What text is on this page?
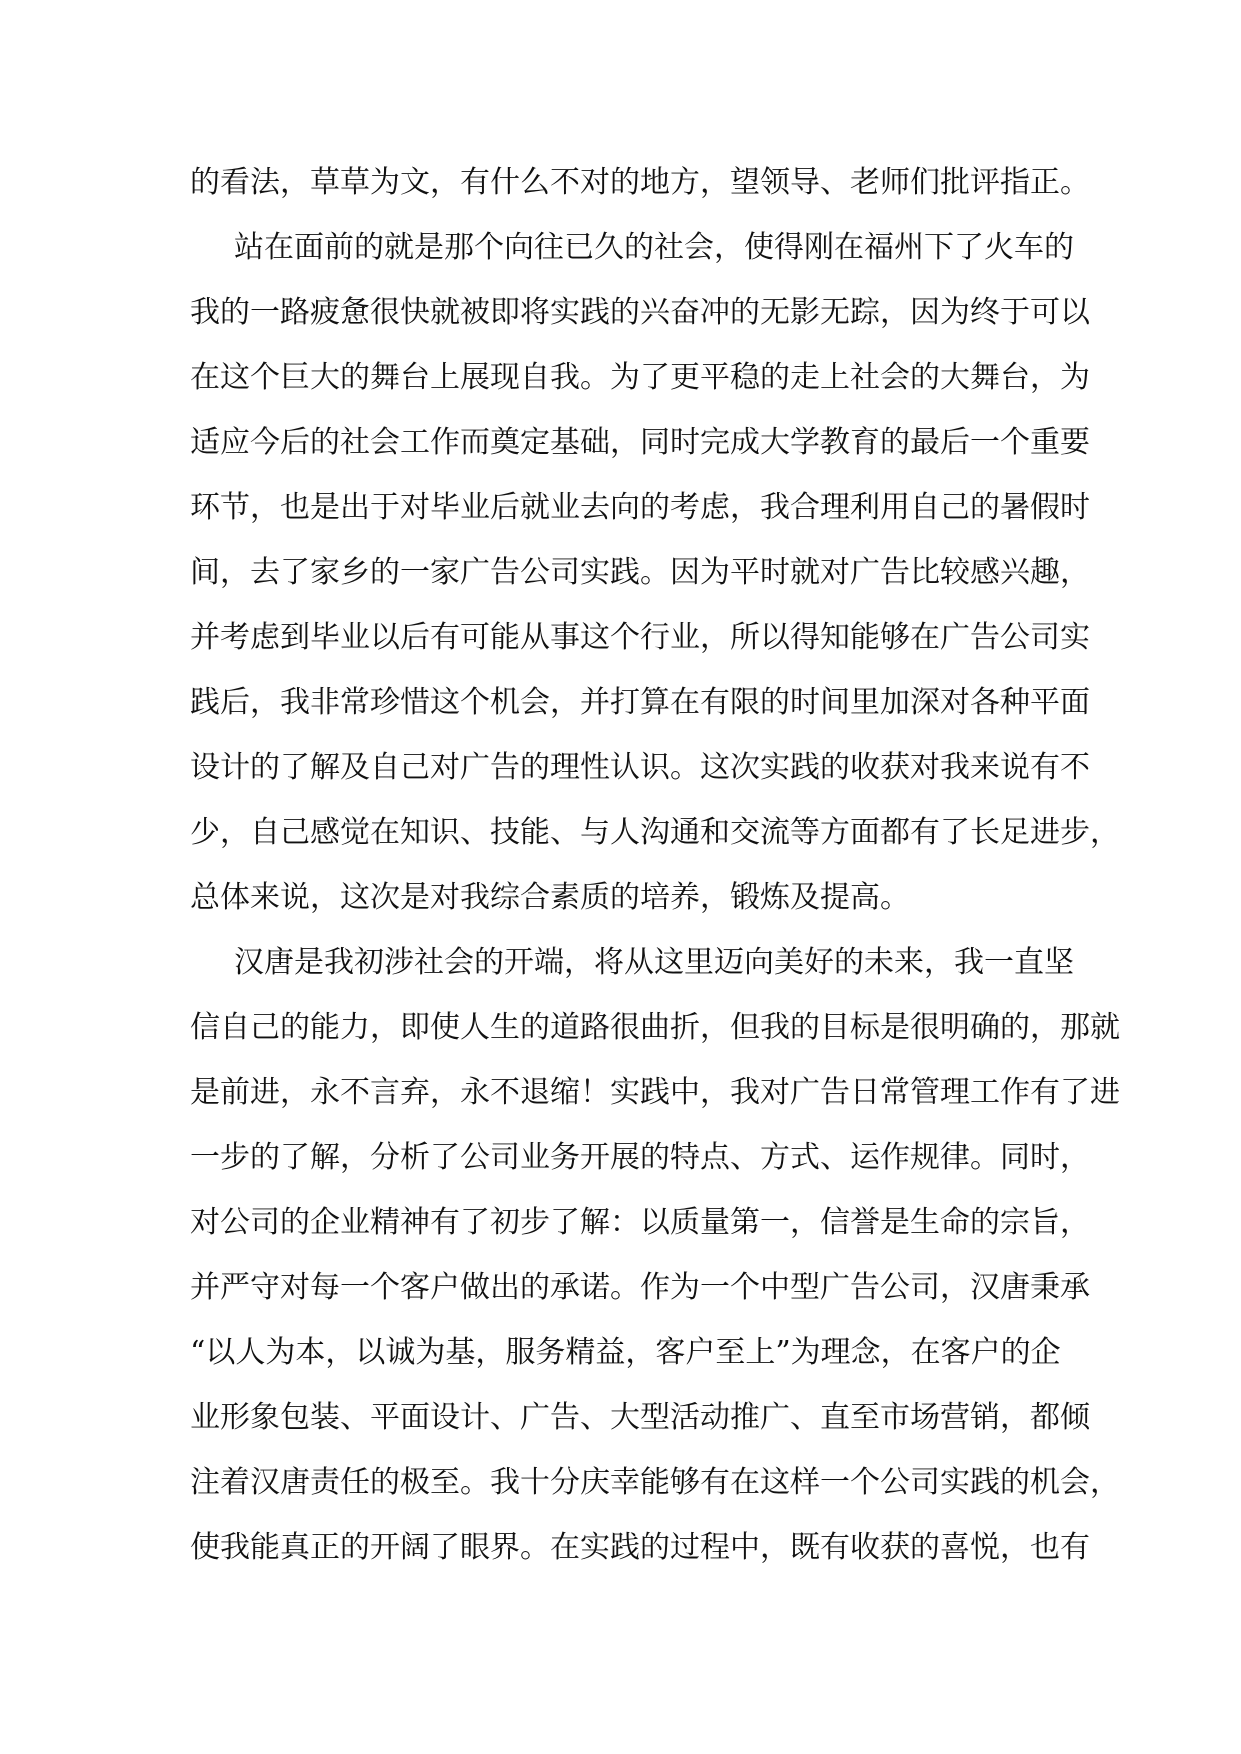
的看法，草草为文，有什么不对的地方，望领导、老师们批评指正。
站在面前的就是那个向往已久的社会，使得刚在福州下了火车的
我的一路疲惫很快就被即将实践的兴奋冲的无影无踪，因为终于可以
在这个巨大的舞台上展现自我。为了更平稳的走上社会的大舞台，为
适应今后的社会工作而奠定基础，同时完成大学教育的最后一个重要
环节，也是出于对毕业后就业去向的考虑，我合理利用自己的暑假时
间，去了家乡的一家广告公司实践。因为平时就对广告比较感兴趣，
并考虑到毕业以后有可能从事这个行业，所以得知能够在广告公司实
践后，我非常珍惜这个机会，并打算在有限的时间里加深对各种平面
设计的了解及自己对广告的理性认识。这次实践的收获对我来说有不
少，自己感觉在知识、技能、与人沟通和交流等方面都有了长足进步，
总体来说，这次是对我综合素质的培养，锻炼及提高。
汉唐是我初涉社会的开端，将从这里迈向美好的未来，我一直坚
信自己的能力，即使人生的道路很曲折，但我的目标是很明确的，那就
是前进，永不言弃，永不退缩！实践中，我对广告日常管理工作有了进
一步的了解，分析了公司业务开展的特点、方式、运作规律。同时，
对公司的企业精神有了初步了解：以质量第一，信誉是生命的宗旨，
并严守对每一个客户做出的承诺。作为一个中型广告公司，汉唐秉承
“以人为本，以诚为基，服务精益，客户至上”为理念，在客户的企
业形象包装、平面设计、广告、大型活动推广、直至市场营销，都倾
注着汉唐责任的极至。我十分庆幸能够有在这样一个公司实践的机会，
使我能真正的开阔了眼界。在实践的过程中，既有收获的喜悦，也有
